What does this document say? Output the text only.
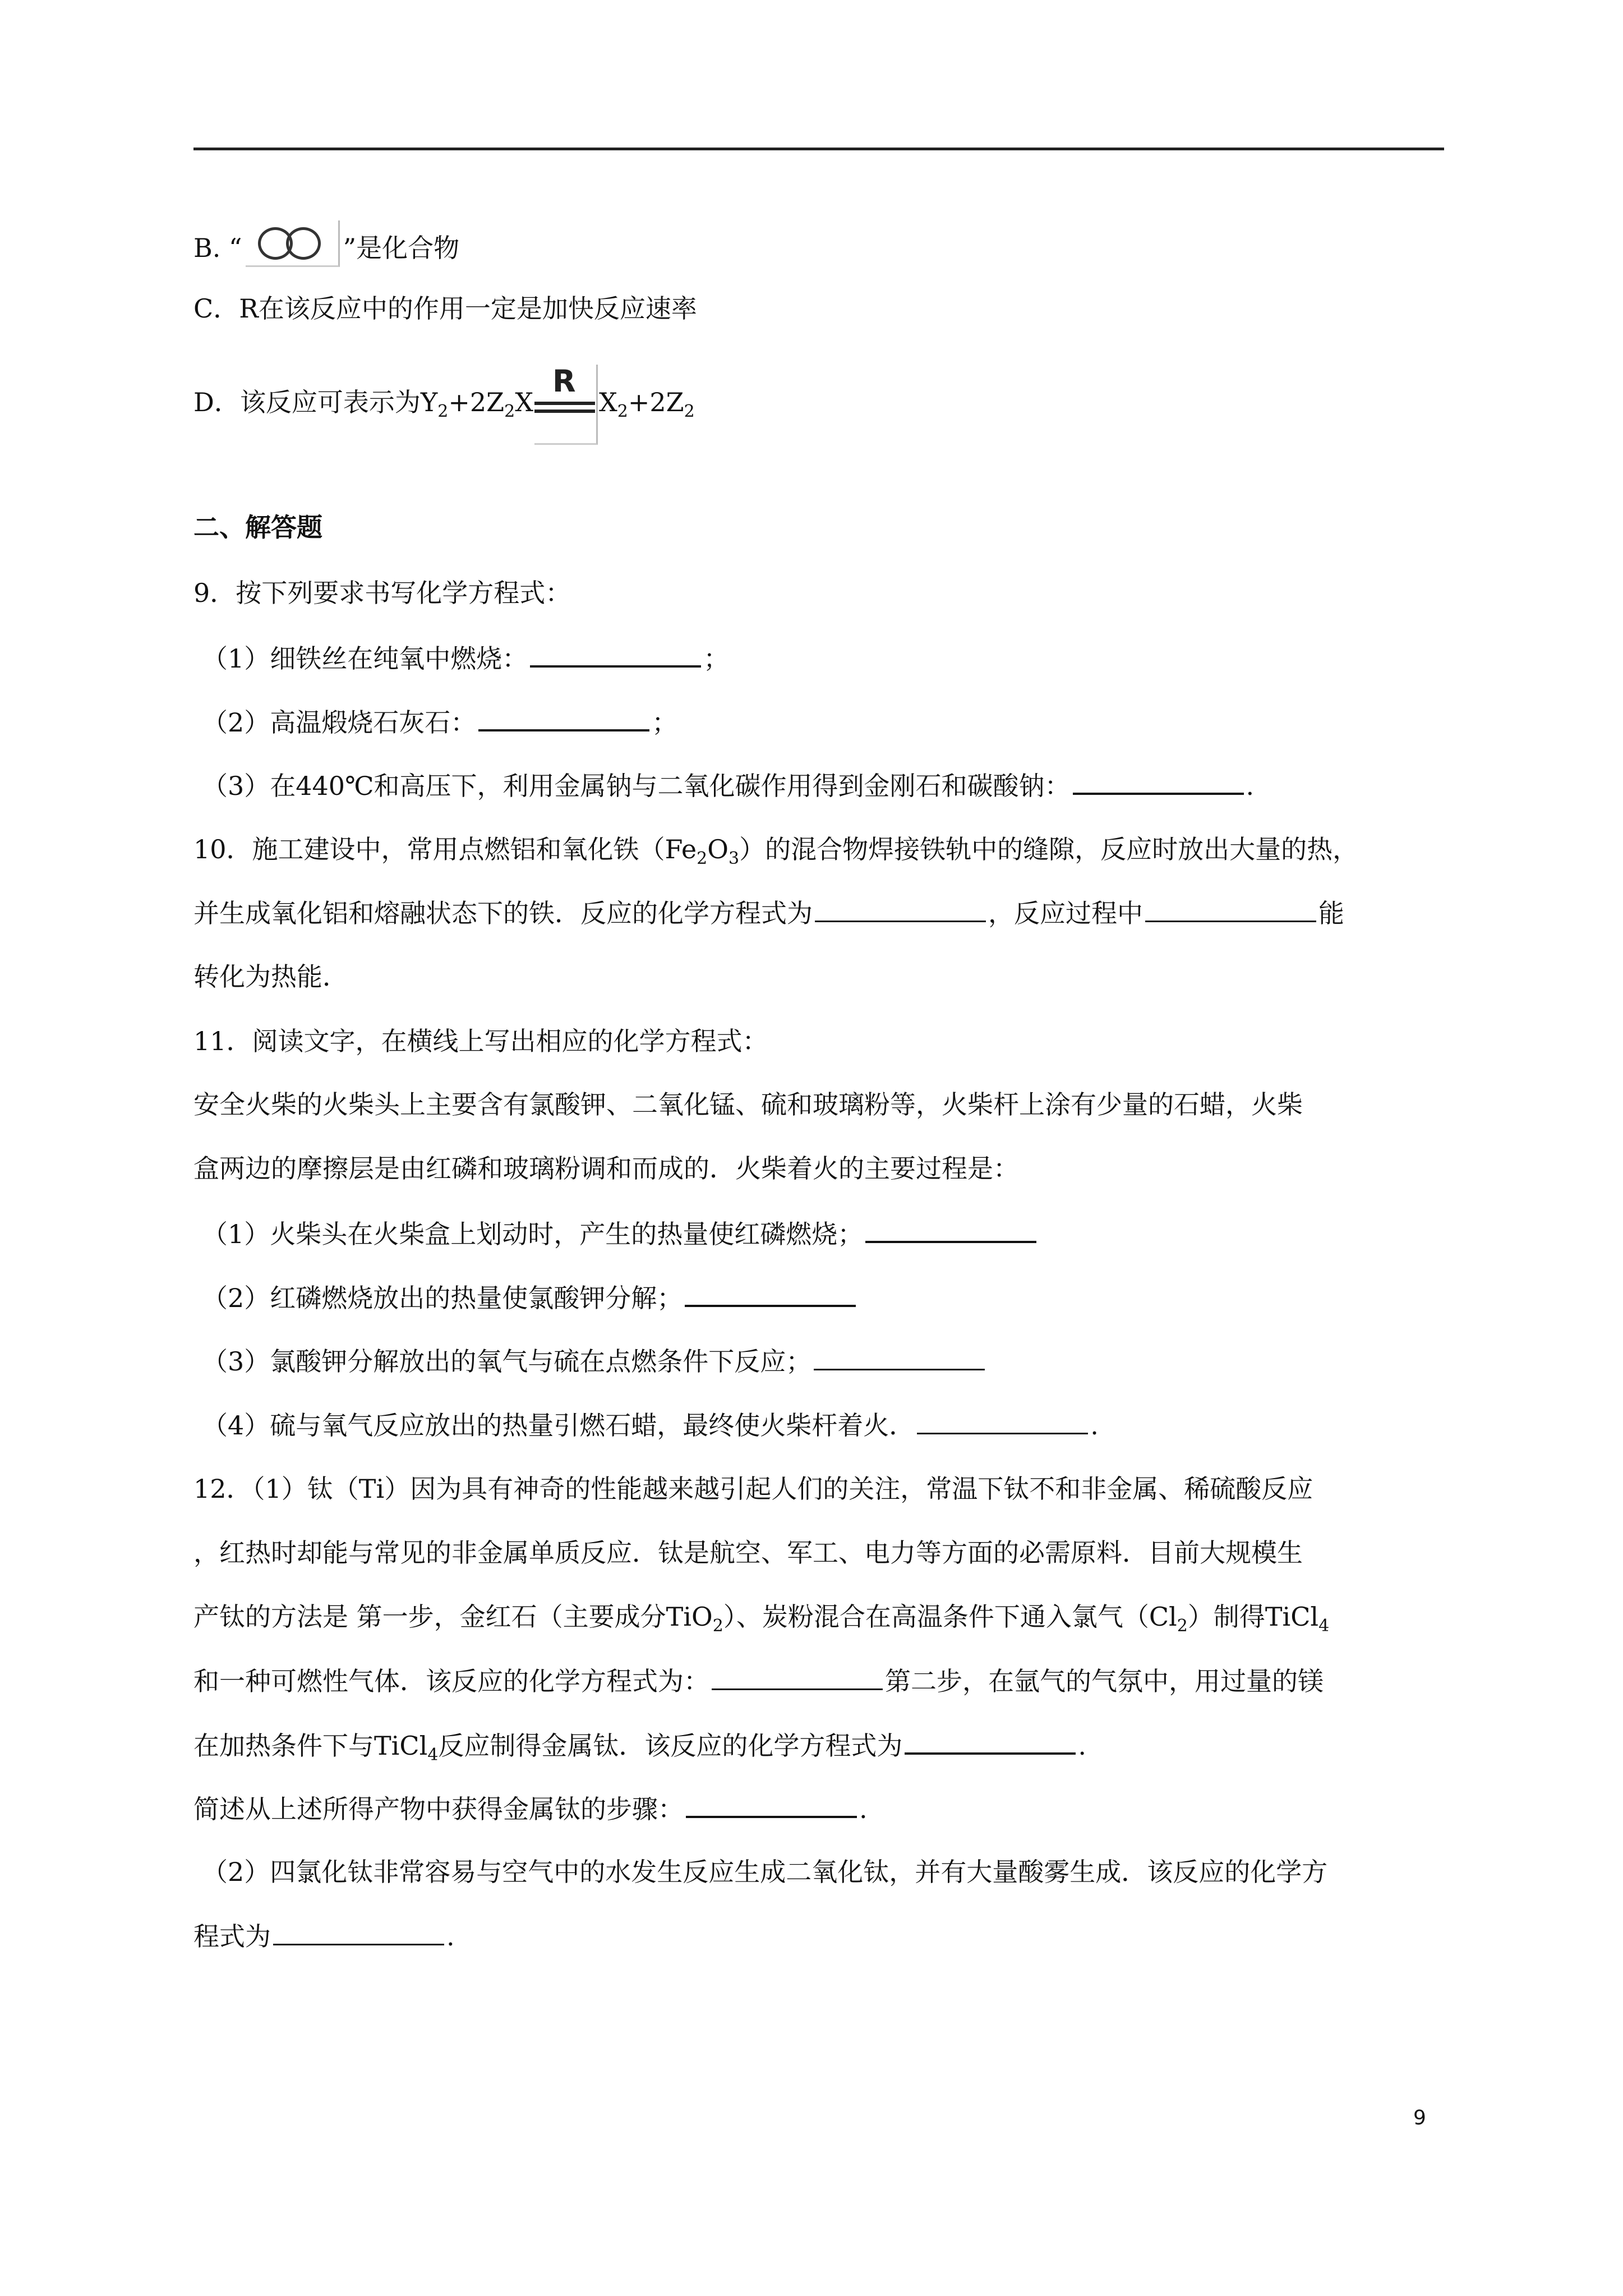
B. “	”是化合物
C．R在该反应中的作用一定是加快反应速率
D．该反应可表示为$Y_2+2Z_2X$
R
$X_2+2Z_2$
二、解答题
9．按下列要求书写化学方程式：
（1）细铁丝在纯氧中燃烧：	；
（2）高温煅烧石灰石：	；
（3）在440℃和高压下，利用金属钠与二氧化碳作用得到金刚石和碳酸钠：	.
10．施工建设中，常用点燃铝和氧化铁$(Fe_2O_3)$的混合物焊接铁轨中的缝隙，反应时放出大量的热，
并生成氧化铝和熔融状态下的铁．反应的化学方程式为	，反应过程中	能
转化为热能．
11．阅读文字，在横线上写出相应的化学方程式：
安全火柴的火柴头上主要含有氯酸钾、二氧化锰、硫和玻璃粉等，火柴杆上涂有少量的石蜡，火柴
盒两边的摩擦层是由红磷和玻璃粉调和而成的．火柴着火的主要过程是：
（1）火柴头在火柴盒上划动时，产生的热量使红磷燃烧；
（2）红磷燃烧放出的热量使氯酸钾分解；
（3）氯酸钾分解放出的氧气与硫在点燃条件下反应；
（4）硫与氧气反应放出的热量引燃石蜡，最终使火柴杆着火．	.
12．（1）钛（Ti）因为具有神奇的性能越来越引起人们的关注，常温下钛不和非金属、稀硫酸反应
，红热时却能与常见的非金属单质反应．钛是航空、军工、电力等方面的必需原料．目前大规模生
产钛的方法是 第一步，金红石（主要成分TiO$_2$）、炭粉混合在高温条件下通入氯气$(Cl_2)$制得TiCl$_4$
和一种可燃性气体．该反应的化学方程式为：	第二步，在氩气的气氛中，用过量的镁
在加热条件下与TiCl$_4$反应制得金属钛．该反应的化学方程式为	.
简述从上述所得产物中获得金属钛的步骤：	.
（2）四氯化钛非常容易与空气中的水发生反应生成二氧化钛，并有大量酸雾生成．该反应的化学方
程式为	.
9
